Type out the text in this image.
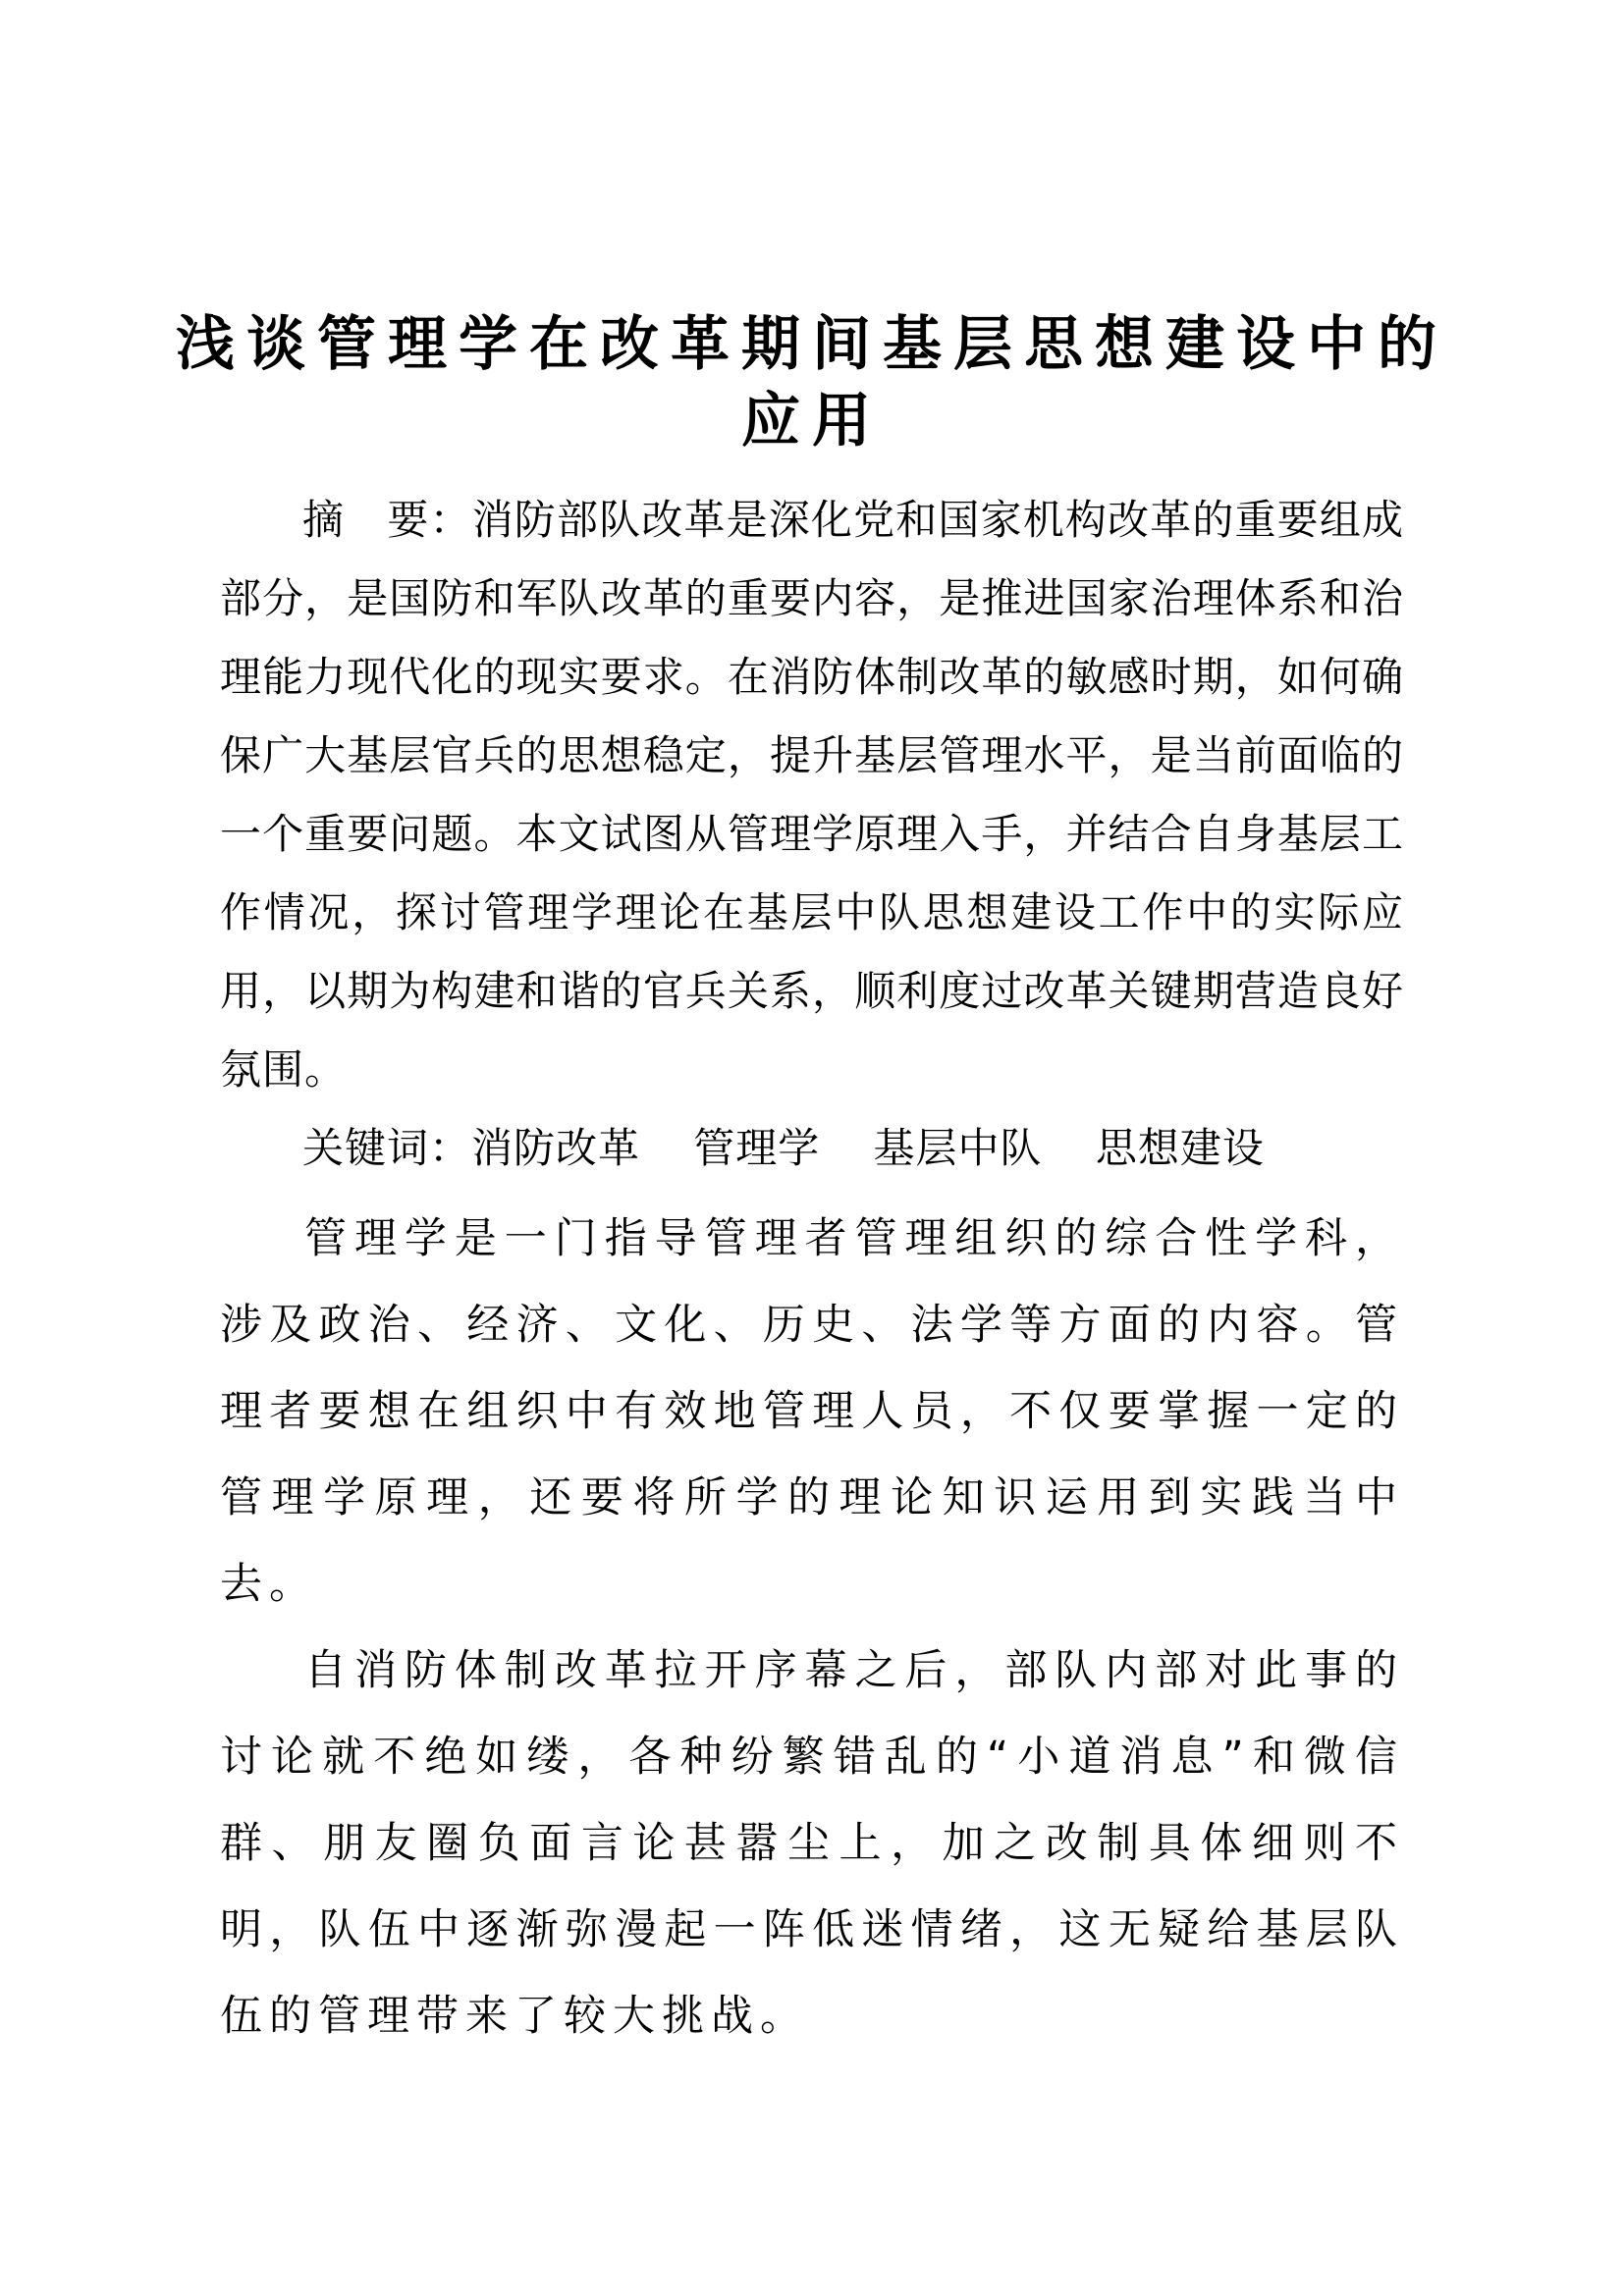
浅谈管理学在改革期间基层思想建设中的应用

摘　要：消防部队改革是深化党和国家机构改革的重要组成部分，是国防和军队改革的重要内容，是推进国家治理体系和治理能力现代化的现实要求。在消防体制改革的敏感时期，如何确保广大基层官兵的思想稳定，提升基层管理水平，是当前面临的一个重要问题。本文试图从管理学原理入手，并结合自身基层工作情况，探讨管理学理论在基层中队思想建设工作中的实际应用，以期为构建和谐的官兵关系，顺利度过改革关键期营造良好氛围。

关键词：消防改革 管理学 基层中队 思想建设

管理学是一门指导管理者管理组织的综合性学科，涉及政治、经济、文化、历史、法学等方面的内容。管理者要想在组织中有效地管理人员，不仅要掌握一定的管理学原理，还要将所学的理论知识运用到实践当中去。

自消防体制改革拉开序幕之后，部队内部对此事的讨论就不绝如缕，各种纷繁错乱的“小道消息”和微信群、朋友圈负面言论甚嚣尘上，加之改制具体细则不明，队伍中逐渐弥漫起一阵低迷情绪，这无疑给基层队伍的管理带来了较大挑战。
